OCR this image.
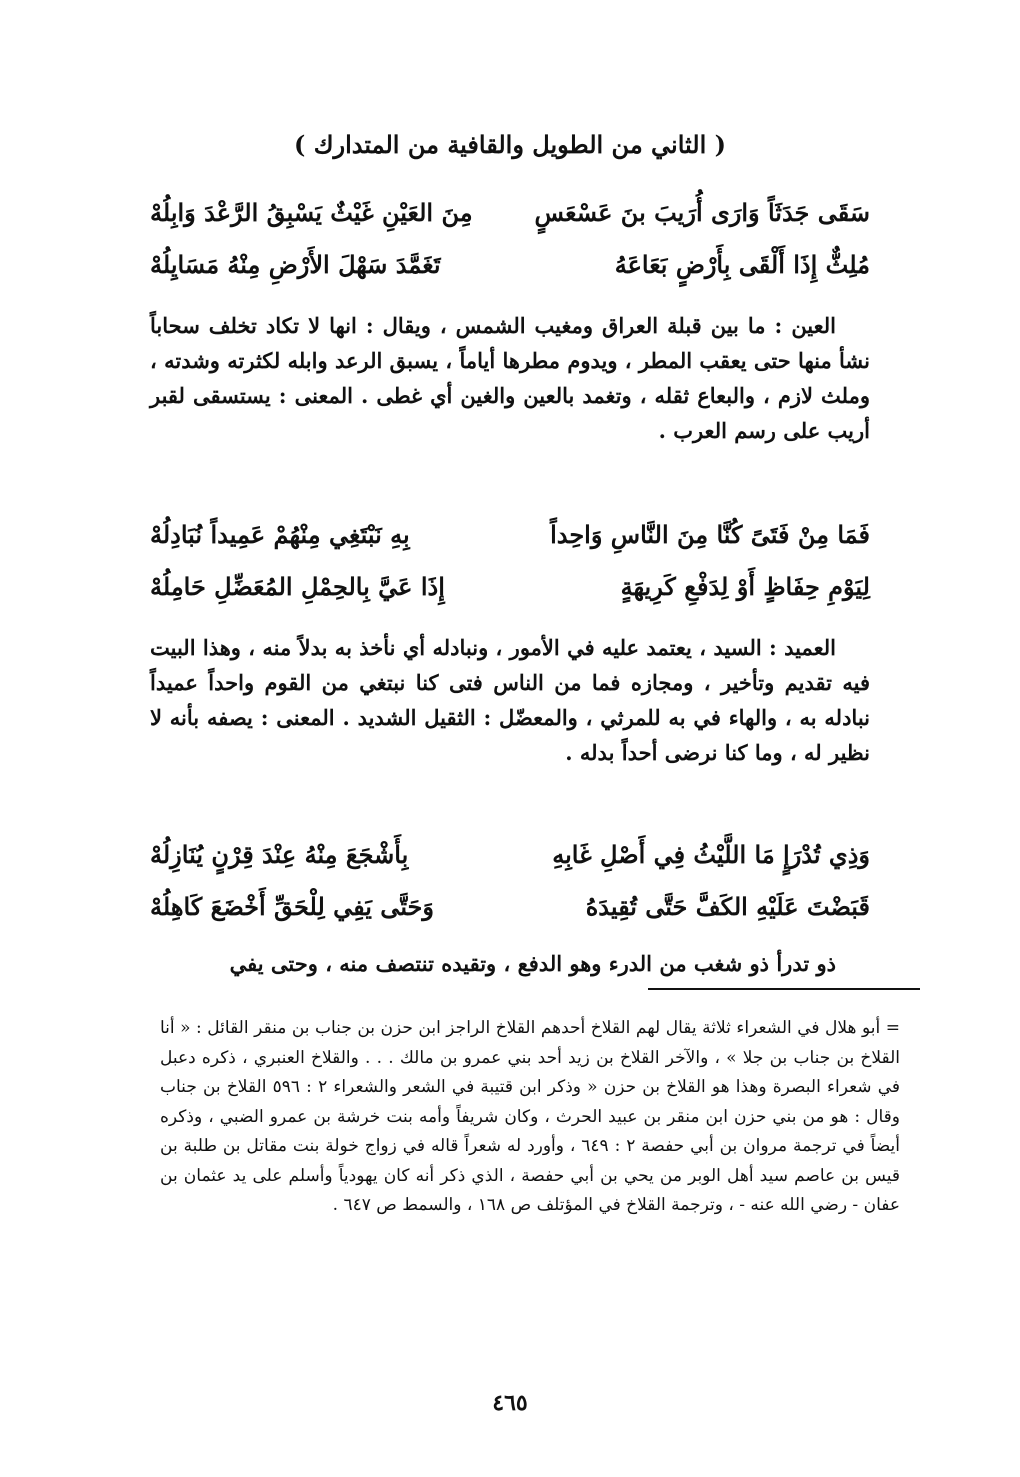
( الثاني من الطويل والقافية من المتدارك )
سَقَى جَدَثَاً وَارَى أُرَيبَ بنَ عَسْعَسٍ
مِنَ العَيْنِ غَيْثٌ يَسْبِقُ الرَّعْدَ وَابِلُهْ
مُلِثٌّ إِذَا أَلْقَى بِأَرْضٍ بَعَاعَهُ
تَغَمَّدَ سَهْلَ الأَرْضِ مِنْهُ مَسَايِلُهْ
العين : ما بين قبلة العراق ومغيب الشمس ، ويقال : انها لا تكاد تخلف سحاباً نشأ منها حتى يعقب المطر ، ويدوم مطرها أياماً ، يسبق الرعد وابله لكثرته وشدته ، وملث لازم ، والبعاع ثقله ، وتغمد بالعين والغين أي غطى . المعنى : يستسقى لقبر أريب على رسم العرب .
فَمَا مِنْ فَتَىً كُنَّا مِنَ النَّاسِ وَاحِداً
بِهِ نَبْتَغِي مِنْهُمْ عَمِيداً نُبَادِلُهْ
لِيَوْمِ حِفَاظٍ أَوْ لِدَفْعِ كَرِيهَةٍ
إِذَا عَيَّ بِالحِمْلِ المُعَضِّلِ حَامِلُهْ
العميد : السيد ، يعتمد عليه في الأمور ، ونبادله أي نأخذ به بدلاً منه ، وهذا البيت فيه تقديم وتأخير ، ومجازه فما من الناس فتى كنا نبتغي من القوم واحداً عميداً نبادله به ، والهاء في به للمرثي ، والمعضّل : الثقيل الشديد . المعنى : يصفه بأنه لا نظير له ، وما كنا نرضى أحداً بدله .
وَذِي تُدْرَإٍ مَا اللَّيْثُ فِي أَصْلِ غَابِهِ
بِأَشْجَعَ مِنْهُ عِنْدَ قِرْنٍ يُنَازِلُهْ
قَبَضْتَ عَلَيْهِ الكَفَّ حَتَّى تُقِيدَهُ
وَحَتَّى يَفِي لِلْحَقِّ أَخْضَعَ كَاهِلُهْ
ذو تدرأ ذو شغب من الدرء وهو الدفع ، وتقيده تنتصف منه ، وحتى يفي

= أبو هلال في الشعراء ثلاثة يقال لهم القلاخ أحدهم القلاخ الراجز ابن حزن بن جناب بن منقر القائل : « أنا القلاخ بن جناب بن جلا » ، والآخر القلاخ بن زيد أحد بني عمرو بن مالك . . . والقلاخ العنبري ، ذكره دعبل في شعراء البصرة وهذا هو القلاخ بن حزن « وذكر ابن قتيبة في الشعر والشعراء ٢ : ٥٩٦ القلاخ بن جناب وقال : هو من بني حزن ابن منقر بن عبيد الحرث ، وكان شريفاً وأمه بنت خرشة بن عمرو الضبي ، وذكره أيضاً في ترجمة مروان بن أبي حفصة ٢ : ٦٤٩ ، وأورد له شعراً قاله في زواج خولة بنت مقاتل بن طلبة بن قيس بن عاصم سيد أهل الوبر من يحي بن أبي حفصة ، الذي ذكر أنه كان يهودياً وأسلم على يد عثمان بن عفان - رضي الله عنه - ، وترجمة القلاخ في المؤتلف ص ١٦٨ ، والسمط ص ٦٤٧ .

٤٦٥
